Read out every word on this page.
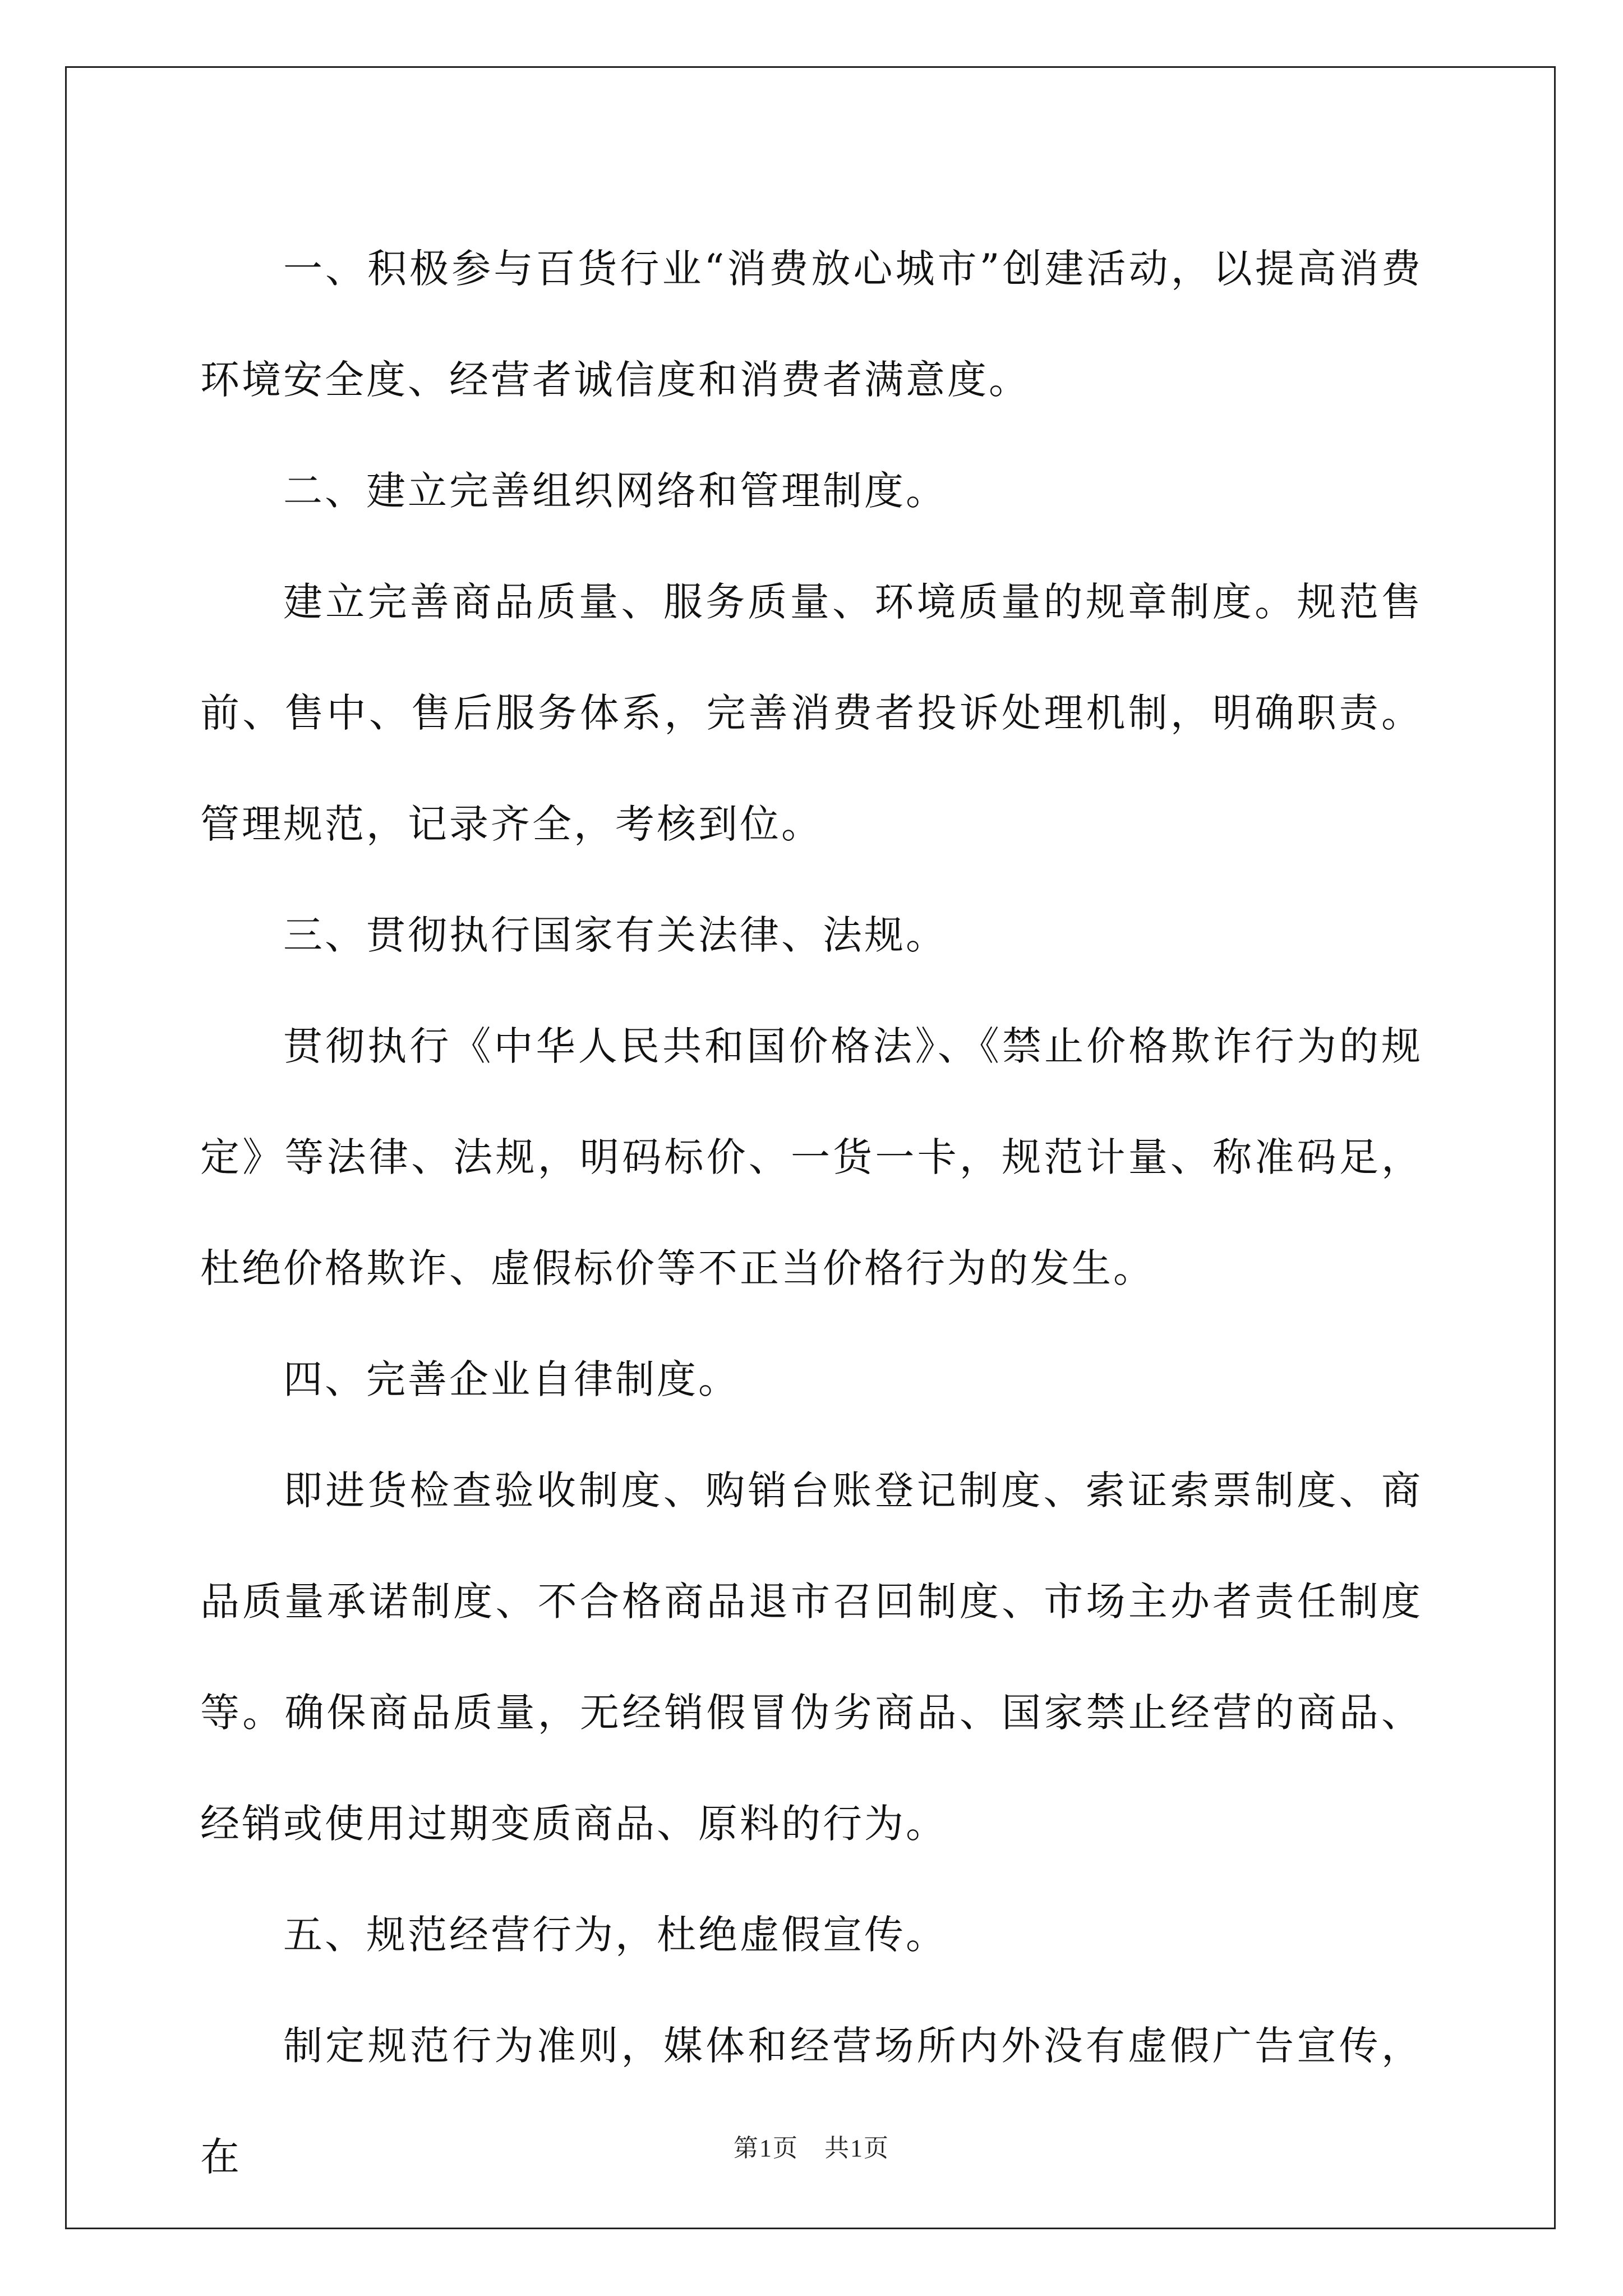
一、积极参与百货行业“消费放心城市”创建活动，以提高消费环境安全度、经营者诚信度和消费者满意度。

二、建立完善组织网络和管理制度。

建立完善商品质量、服务质量、环境质量的规章制度。规范售前、售中、售后服务体系，完善消费者投诉处理机制，明确职责。管理规范，记录齐全，考核到位。

三、贯彻执行国家有关法律、法规。

贯彻执行《中华人民共和国价格法》、《禁止价格欺诈行为的规定》等法律、法规，明码标价、一货一卡，规范计量、称准码足，杜绝价格欺诈、虚假标价等不正当价格行为的发生。

四、完善企业自律制度。

即进货检查验收制度、购销台账登记制度、索证索票制度、商品质量承诺制度、不合格商品退市召回制度、市场主办者责任制度等。确保商品质量，无经销假冒伪劣商品、国家禁止经营的商品、经销或使用过期变质商品、原料的行为。

五、规范经营行为，杜绝虚假宣传。

制定规范行为准则，媒体和经营场所内外没有虚假广告宣传，在	第1页　共1页
